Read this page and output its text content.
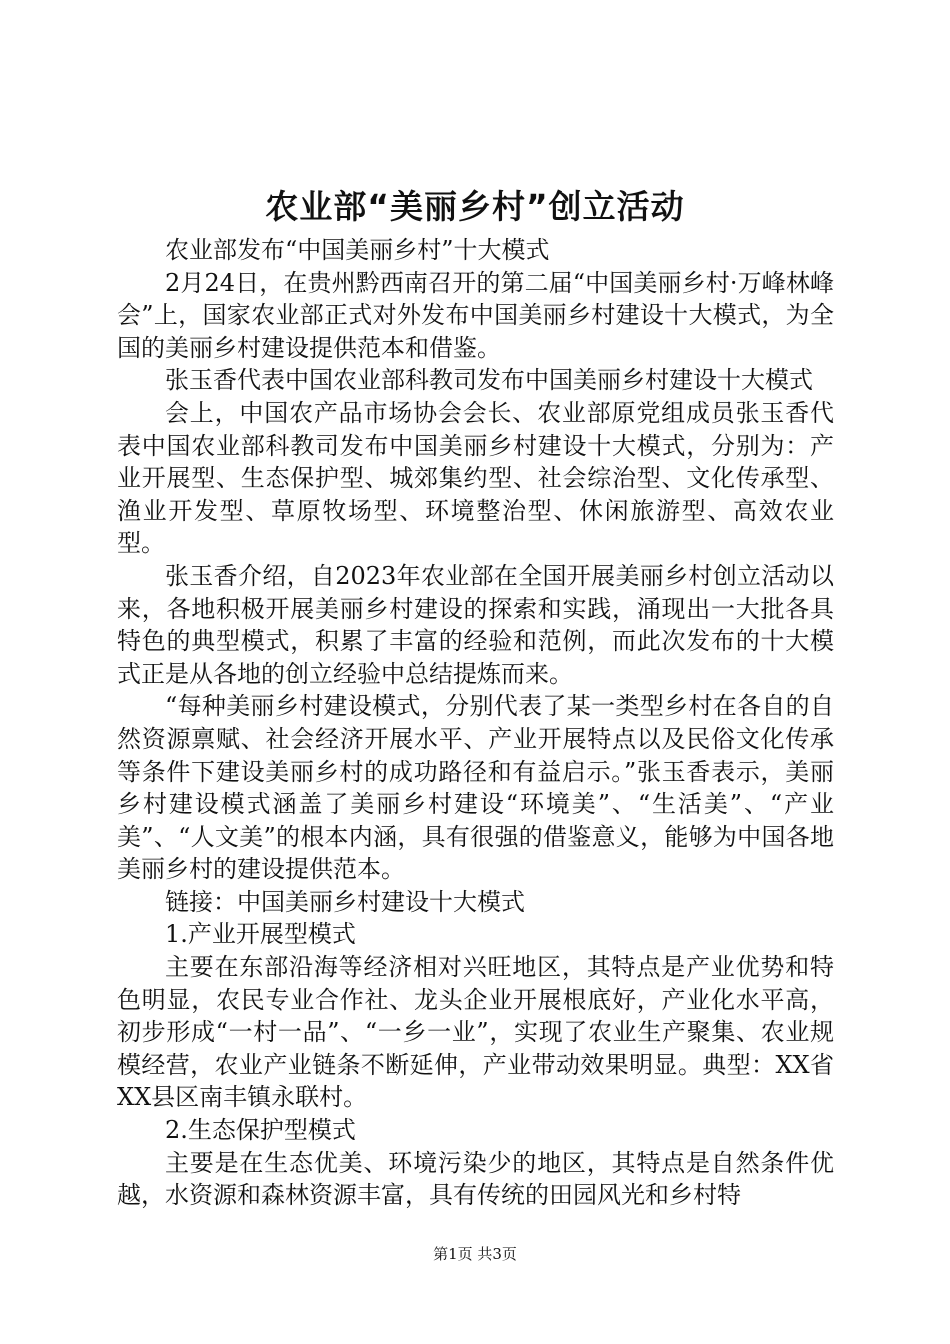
农业部“美丽乡村”创立活动

农业部发布“中国美丽乡村”十大模式

2月24日，在贵州黔西南召开的第二届“中国美丽乡村·万峰林峰会”上，国家农业部正式对外发布中国美丽乡村建设十大模式，为全国的美丽乡村建设提供范本和借鉴。

张玉香代表中国农业部科教司发布中国美丽乡村建设十大模式

会上，中国农产品市场协会会长、农业部原党组成员张玉香代表中国农业部科教司发布中国美丽乡村建设十大模式，分别为：产业开展型、生态保护型、城郊集约型、社会综治型、文化传承型、渔业开发型、草原牧场型、环境整治型、休闲旅游型、高效农业型。

张玉香介绍，自2023年农业部在全国开展美丽乡村创立活动以来，各地积极开展美丽乡村建设的探索和实践，涌现出一大批各具特色的典型模式，积累了丰富的经验和范例，而此次发布的十大模式正是从各地的创立经验中总结提炼而来。

“每种美丽乡村建设模式，分别代表了某一类型乡村在各自的自然资源禀赋、社会经济开展水平、产业开展特点以及民俗文化传承等条件下建设美丽乡村的成功路径和有益启示。”张玉香表示，美丽乡村建设模式涵盖了美丽乡村建设“环境美”、“生活美”、“产业美”、“人文美”的根本内涵，具有很强的借鉴意义，能够为中国各地美丽乡村的建设提供范本。

链接：中国美丽乡村建设十大模式

1.产业开展型模式

主要在东部沿海等经济相对兴旺地区，其特点是产业优势和特色明显，农民专业合作社、龙头企业开展根底好，产业化水平高，初步形成“一村一品”、“一乡一业”，实现了农业生产聚集、农业规模经营，农业产业链条不断延伸，产业带动效果明显。典型：XX省XX县区南丰镇永联村。

2.生态保护型模式

主要是在生态优美、环境污染少的地区，其特点是自然条件优越，水资源和森林资源丰富，具有传统的田园风光和乡村特

第1页 共3页
